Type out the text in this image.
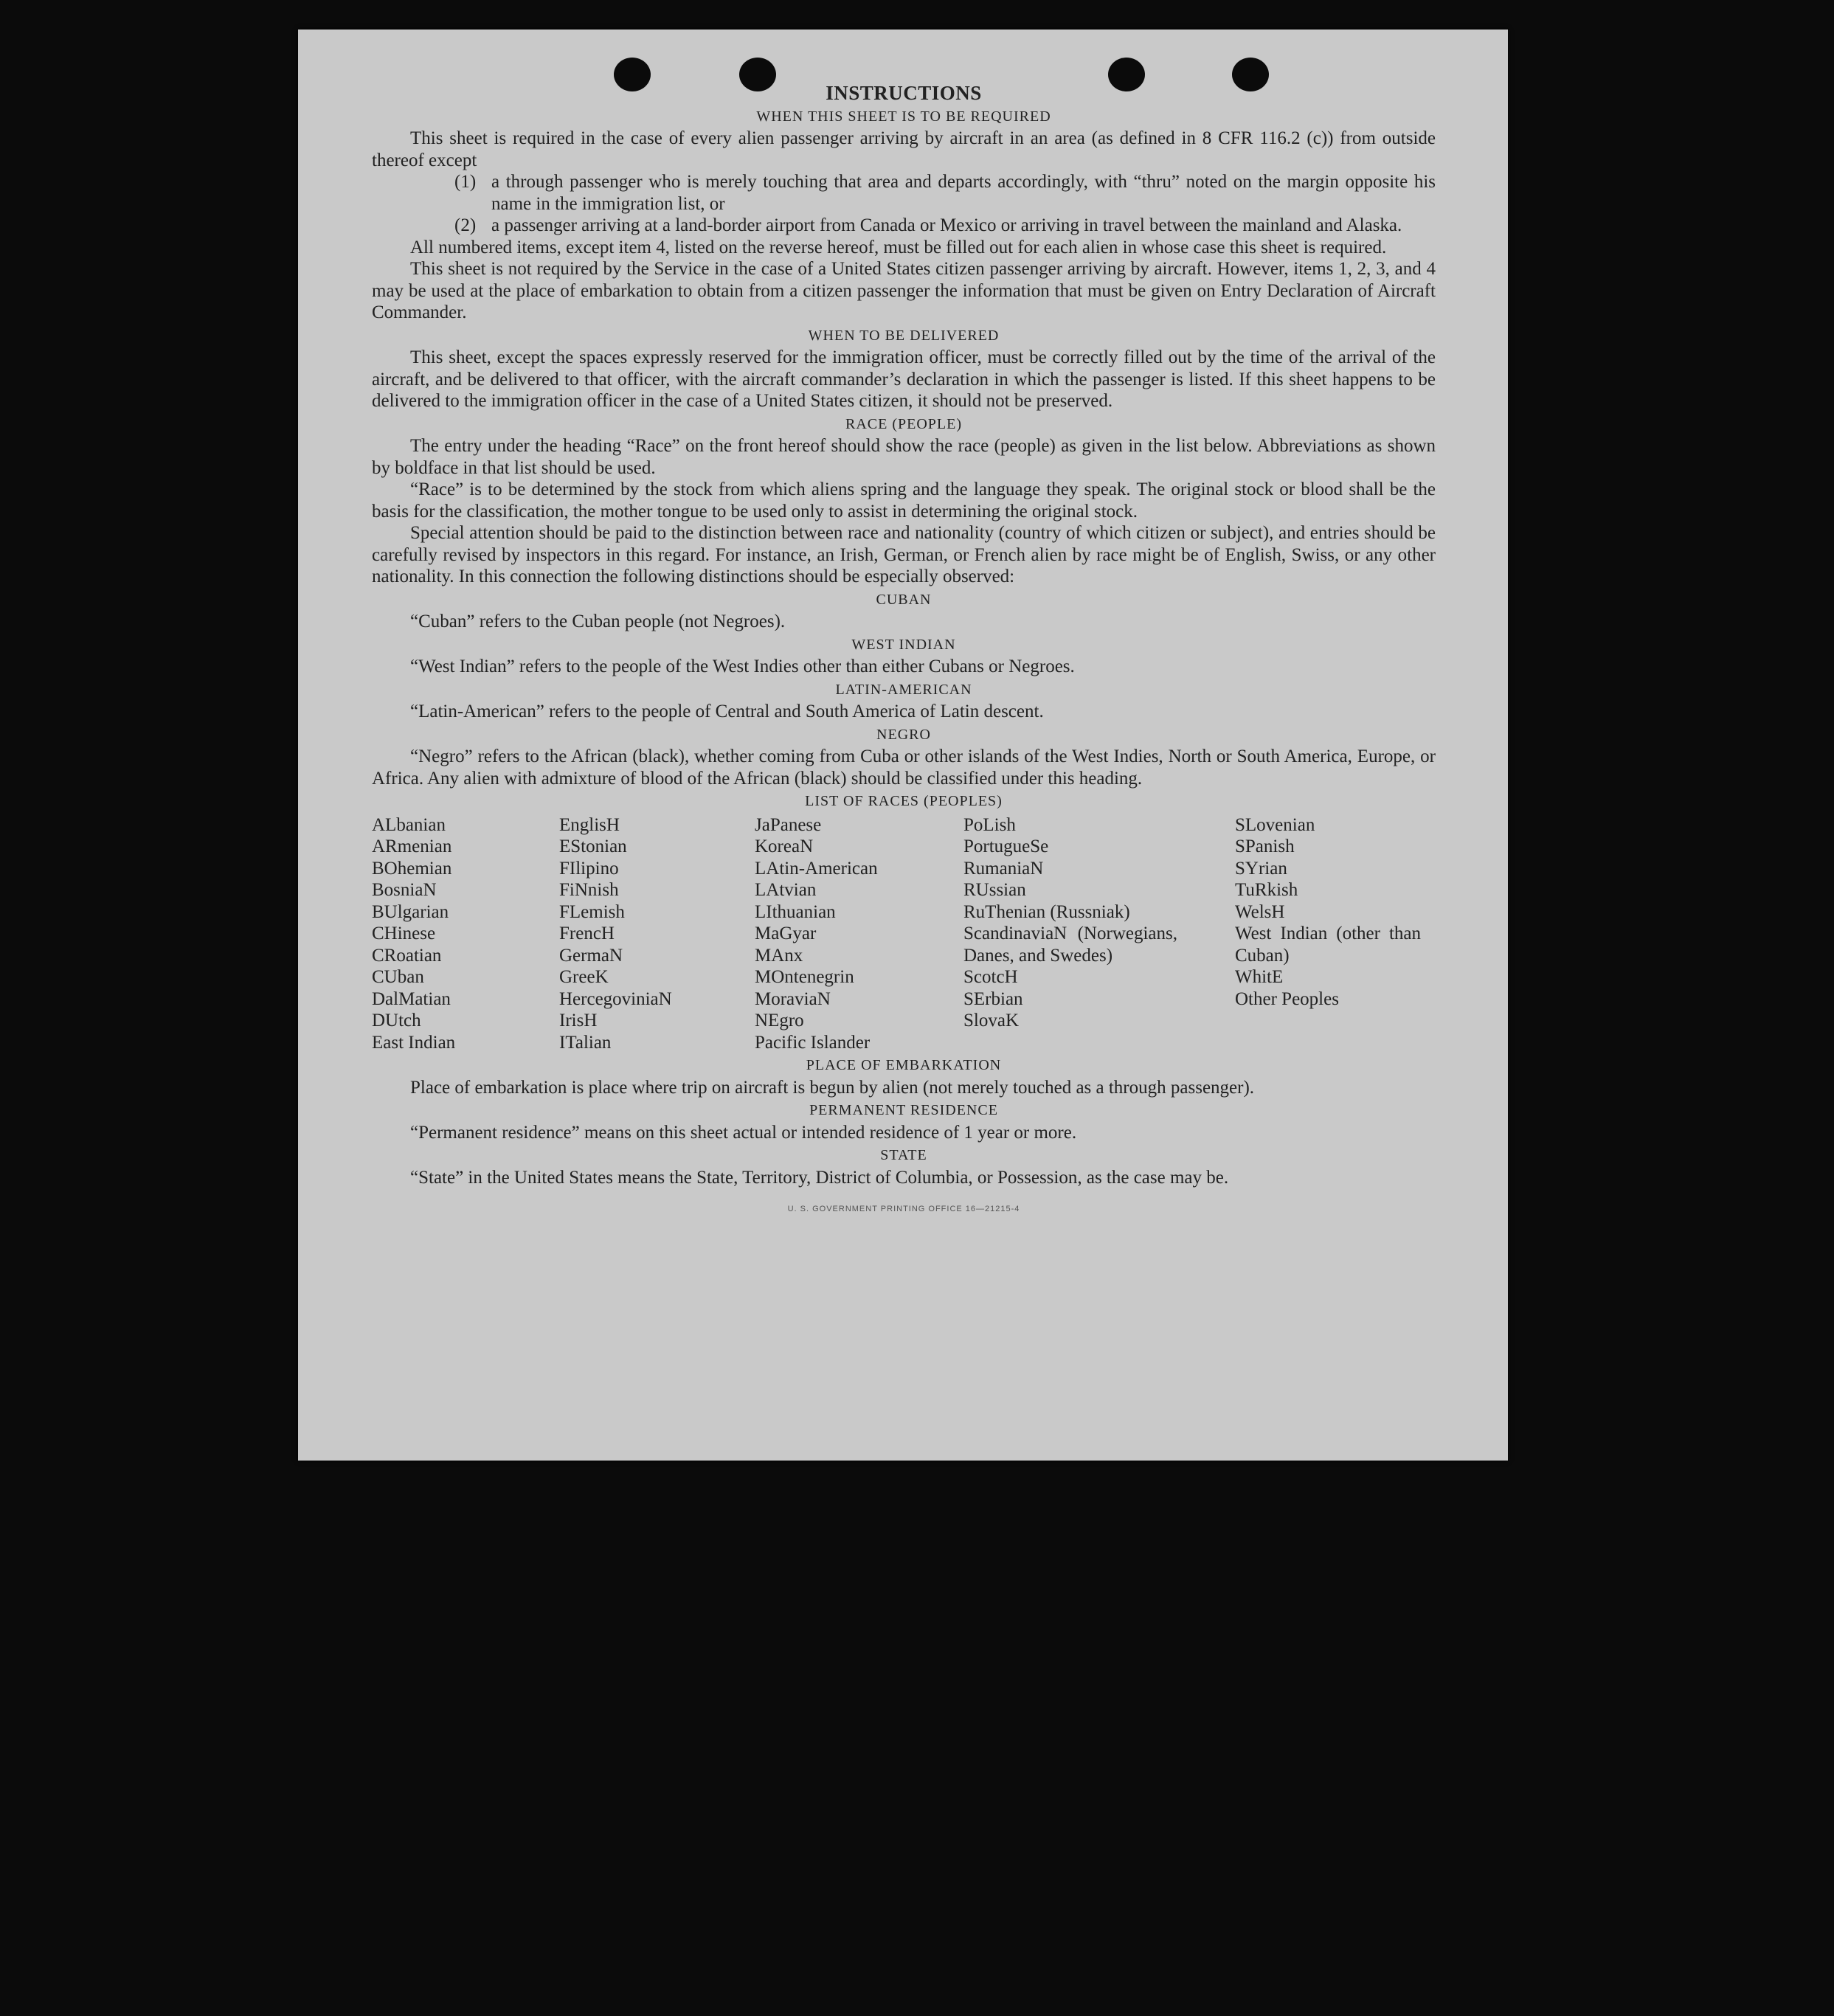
INSTRUCTIONS
WHEN THIS SHEET IS TO BE REQUIRED

This sheet is required in the case of every alien passenger arriving by aircraft in an area (as defined in 8 CFR 116.2 (c)) from outside thereof except

(1) a through passenger who is merely touching that area and departs accordingly, with “thru” noted on the margin opposite his name in the immigration list, or
(2) a passenger arriving at a land-border airport from Canada or Mexico or arriving in travel between the mainland and Alaska.

All numbered items, except item 4, listed on the reverse hereof, must be filled out for each alien in whose case this sheet is required.

This sheet is not required by the Service in the case of a United States citizen passenger arriving by aircraft. However, items 1, 2, 3, and 4 may be used at the place of embarkation to obtain from a citizen passenger the information that must be given on Entry Declaration of Aircraft Commander.

WHEN TO BE DELIVERED

This sheet, except the spaces expressly reserved for the immigration officer, must be correctly filled out by the time of the arrival of the aircraft, and be delivered to that officer, with the aircraft commander’s declaration in which the passenger is listed. If this sheet happens to be delivered to the immigration officer in the case of a United States citizen, it should not be preserved.

RACE (PEOPLE)

The entry under the heading “Race” on the front hereof should show the race (people) as given in the list below. Abbreviations as shown by boldface in that list should be used.

“Race” is to be determined by the stock from which aliens spring and the language they speak. The original stock or blood shall be the basis for the classification, the mother tongue to be used only to assist in determining the original stock.

Special attention should be paid to the distinction between race and nationality (country of which citizen or subject), and entries should be carefully revised by inspectors in this regard. For instance, an Irish, German, or French alien by race might be of English, Swiss, or any other nationality. In this connection the following distinctions should be especially observed:

CUBAN

“Cuban” refers to the Cuban people (not Negroes).

WEST INDIAN

“West Indian” refers to the people of the West Indies other than either Cubans or Negroes.

LATIN-AMERICAN

“Latin-American” refers to the people of Central and South America of Latin descent.

NEGRO

“Negro” refers to the African (black), whether coming from Cuba or other islands of the West Indies, North or South America, Europe, or Africa. Any alien with admixture of blood of the African (black) should be classified under this heading.

LIST OF RACES (PEOPLES)
ALbanian
ARmenian
BOhemian
BosniaN
BUlgarian
CHinese
CRoatian
CUban
DalMatian
DUtch
East Indian
EnglisH
EStonian
FIlipino
FiNnish
FLemish
FrencH
GermaN
GreeK
HercegoviniaN
IrisH
ITalian
JaPanese
KoreaN
LAtin-American
LAtvian
LIthuanian
MaGyar
MAnx
MOntenegrin
MoraviaN
NEgro
Pacific Islander
PoLish
PortugueSe
RumaniaN
RUssian
RuThenian (Russniak)
ScandinaviaN (Norwegians, Danes, and Swedes)
ScotcH
SErbian
SlovaK
SLovenian
SPanish
SYrian
TuRkish
WelsH
West Indian (other than Cuban)
WhitE
Other Peoples
PLACE OF EMBARKATION

Place of embarkation is place where trip on aircraft is begun by alien (not merely touched as a through passenger).

PERMANENT RESIDENCE

“Permanent residence” means on this sheet actual or intended residence of 1 year or more.

STATE

“State” in the United States means the State, Territory, District of Columbia, or Possession, as the case may be.

U. S. GOVERNMENT PRINTING OFFICE 16—21215-4
